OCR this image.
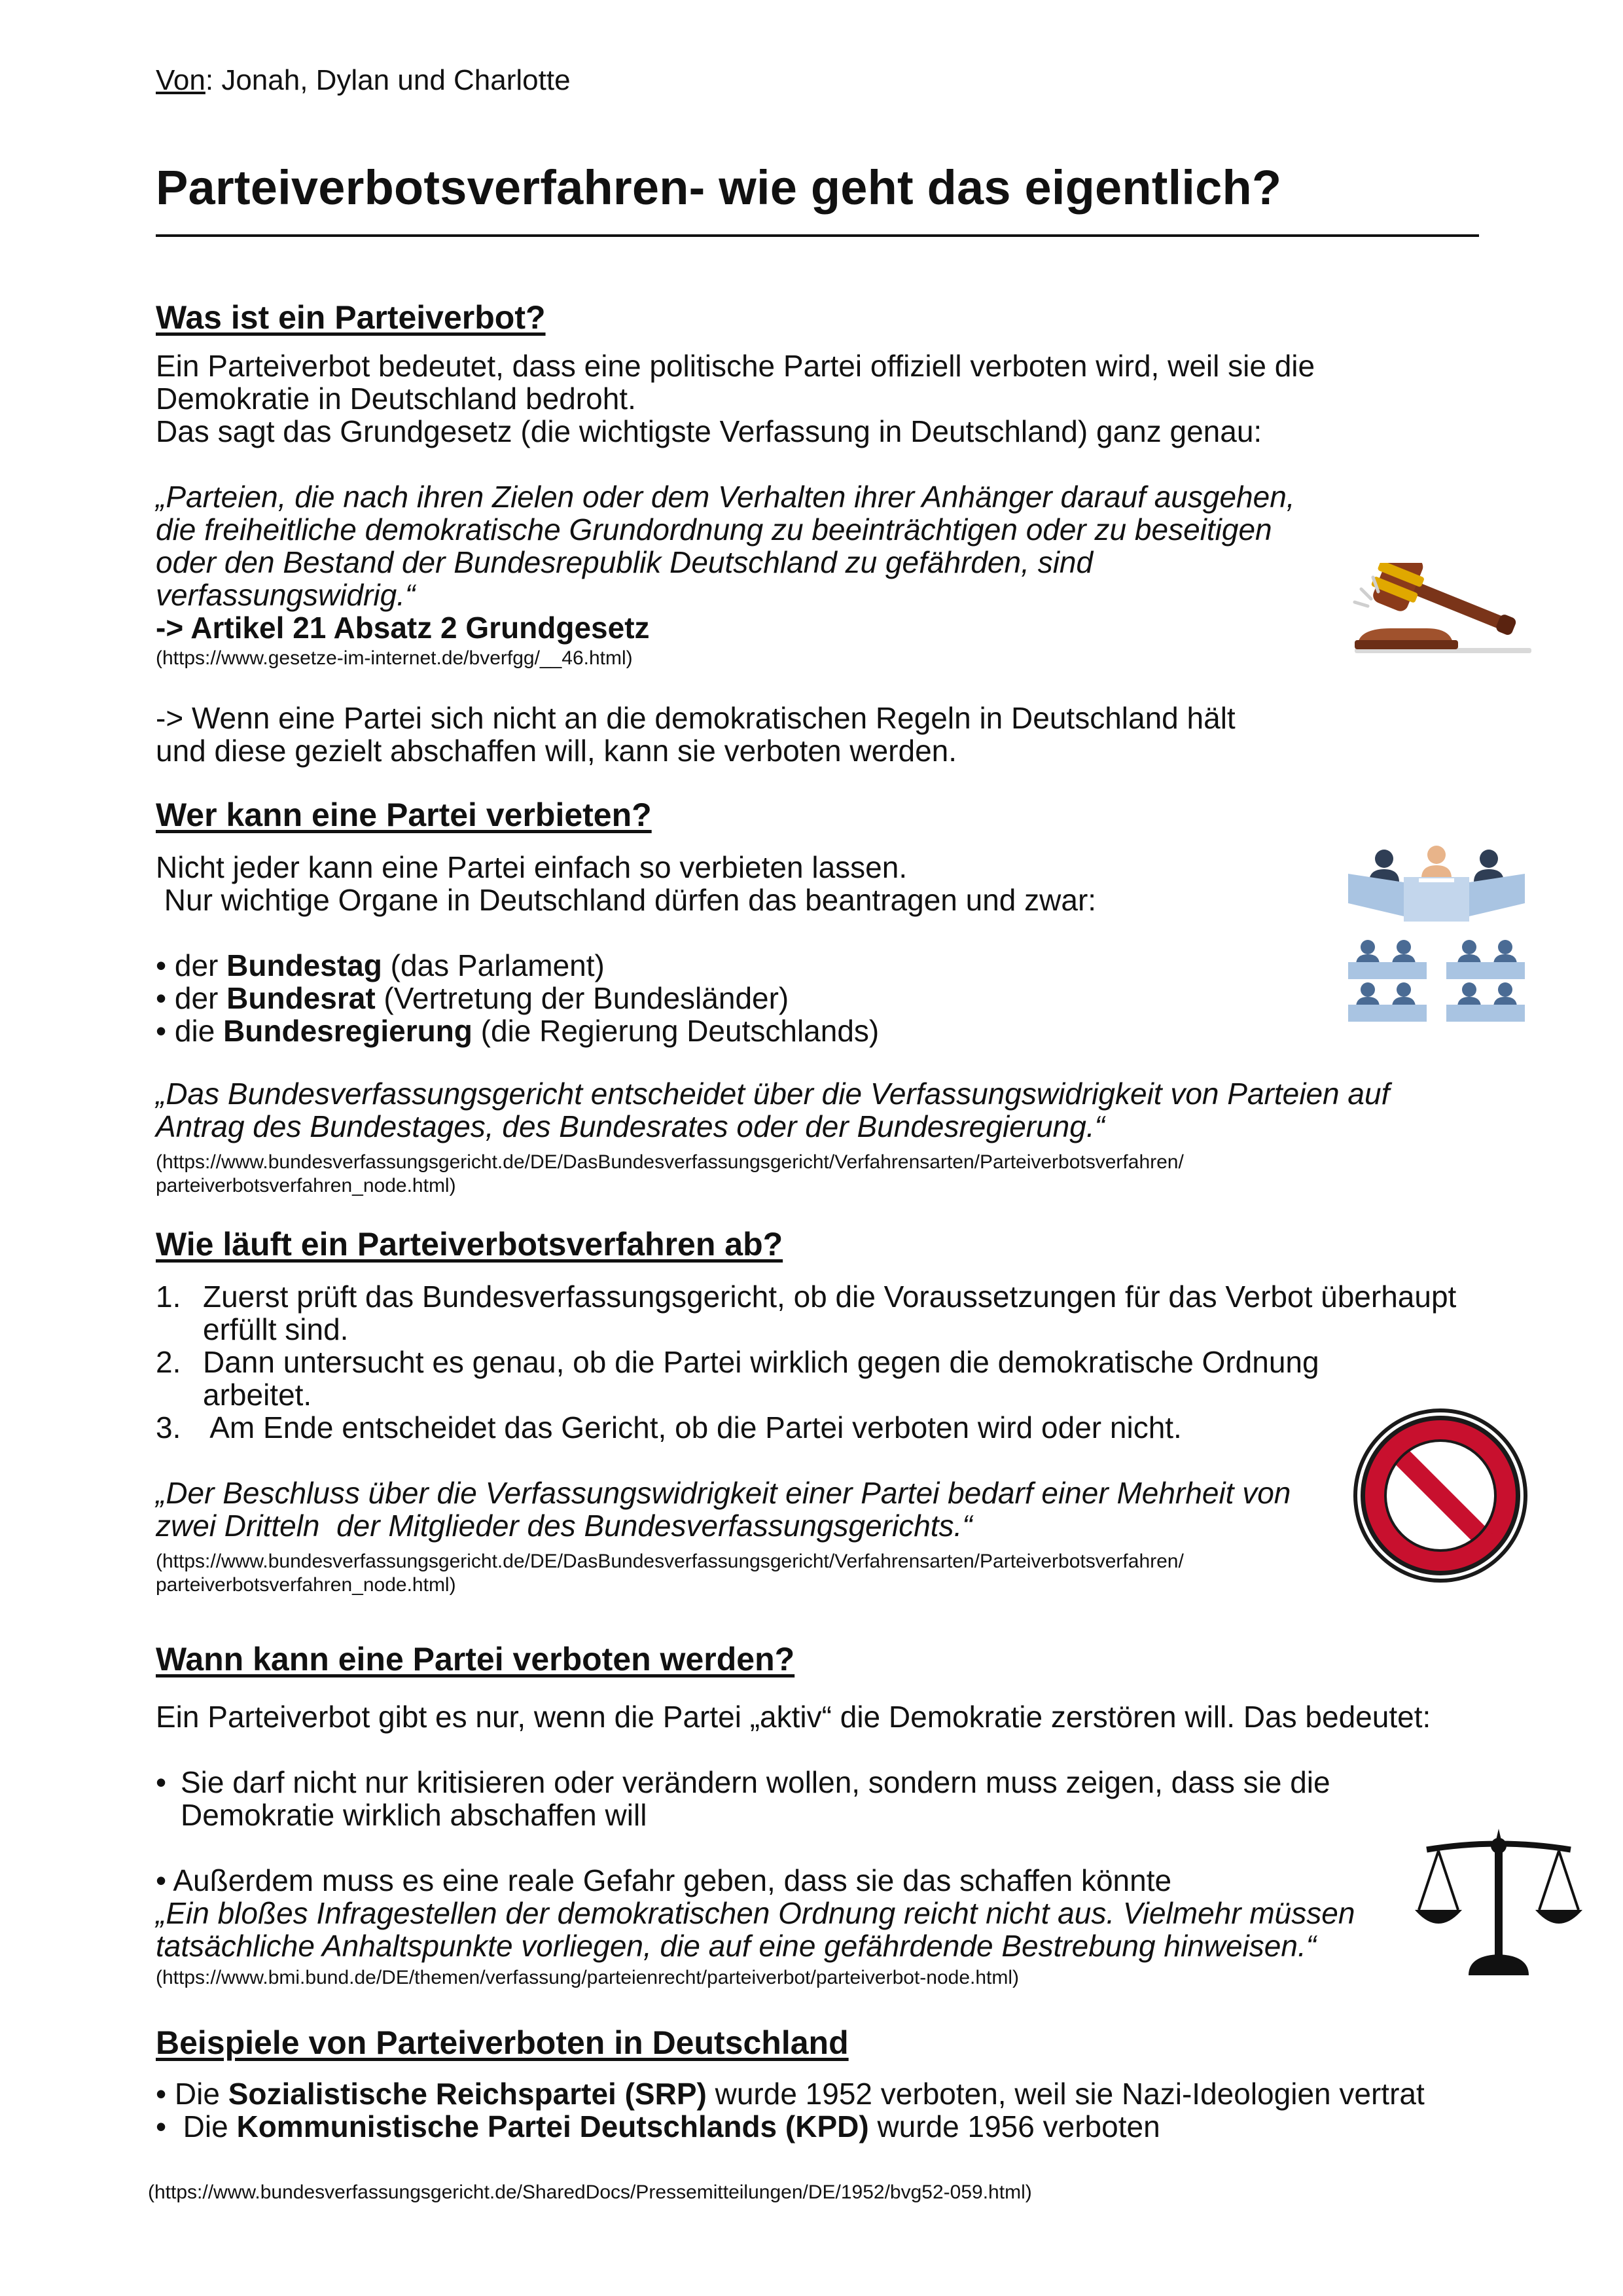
Von: Jonah, Dylan und Charlotte
Parteiverbotsverfahren- wie geht das eigentlich?
Was ist ein Parteiverbot?
Ein Parteiverbot bedeutet, dass eine politische Partei offiziell verboten wird, weil sie die
Demokratie in Deutschland bedroht.
Das sagt das Grundgesetz (die wichtigste Verfassung in Deutschland) ganz genau:
„Parteien, die nach ihren Zielen oder dem Verhalten ihrer Anhänger darauf ausgehen,
die freiheitliche demokratische Grundordnung zu beeinträchtigen oder zu beseitigen
oder den Bestand der Bundesrepublik Deutschland zu gefährden, sind
verfassungswidrig.“
-> Artikel 21 Absatz 2 Grundgesetz
(https://www.gesetze-im-internet.de/bverfgg/__46.html)
-> Wenn eine Partei sich nicht an die demokratischen Regeln in Deutschland hält
und diese gezielt abschaffen will, kann sie verboten werden.
Wer kann eine Partei verbieten?
Nicht jeder kann eine Partei einfach so verbieten lassen.
Nur wichtige Organe in Deutschland dürfen das beantragen und zwar:
• der Bundestag (das Parlament)
• der Bundesrat (Vertretung der Bundesländer)
• die Bundesregierung (die Regierung Deutschlands)
„Das Bundesverfassungsgericht entscheidet über die Verfassungswidrigkeit von Parteien auf
Antrag des Bundestages, des Bundesrates oder der Bundesregierung.“
(https://www.bundesverfassungsgericht.de/DE/DasBundesverfassungsgericht/Verfahrensarten/Parteiverbotsverfahren/
parteiverbotsverfahren_node.html)
Wie läuft ein Parteiverbotsverfahren ab?
1. Zuerst prüft das Bundesverfassungsgericht, ob die Voraussetzungen für das Verbot überhaupt
erfüllt sind.
2. Dann untersucht es genau, ob die Partei wirklich gegen die demokratische Ordnung
arbeitet.
3. Am Ende entscheidet das Gericht, ob die Partei verboten wird oder nicht.
„Der Beschluss über die Verfassungswidrigkeit einer Partei bedarf einer Mehrheit von
zwei Dritteln  der Mitglieder des Bundesverfassungsgerichts.“
(https://www.bundesverfassungsgericht.de/DE/DasBundesverfassungsgericht/Verfahrensarten/Parteiverbotsverfahren/
parteiverbotsverfahren_node.html)
Wann kann eine Partei verboten werden?
Ein Parteiverbot gibt es nur, wenn die Partei „aktiv“ die Demokratie zerstören will. Das bedeutet:
• Sie darf nicht nur kritisieren oder verändern wollen, sondern muss zeigen, dass sie die
Demokratie wirklich abschaffen will
• Außerdem muss es eine reale Gefahr geben, dass sie das schaffen könnte
„Ein bloßes Infragestellen der demokratischen Ordnung reicht nicht aus. Vielmehr müssen
tatsächliche Anhaltspunkte vorliegen, die auf eine gefährdende Bestrebung hinweisen.“
(https://www.bmi.bund.de/DE/themen/verfassung/parteienrecht/parteiverbot/parteiverbot-node.html)
Beispiele von Parteiverboten in Deutschland
• Die Sozialistische Reichspartei (SRP) wurde 1952 verboten, weil sie Nazi-Ideologien vertrat
•  Die Kommunistische Partei Deutschlands (KPD) wurde 1956 verboten
(https://www.bundesverfassungsgericht.de/SharedDocs/Pressemitteilungen/DE/1952/bvg52-059.html)
